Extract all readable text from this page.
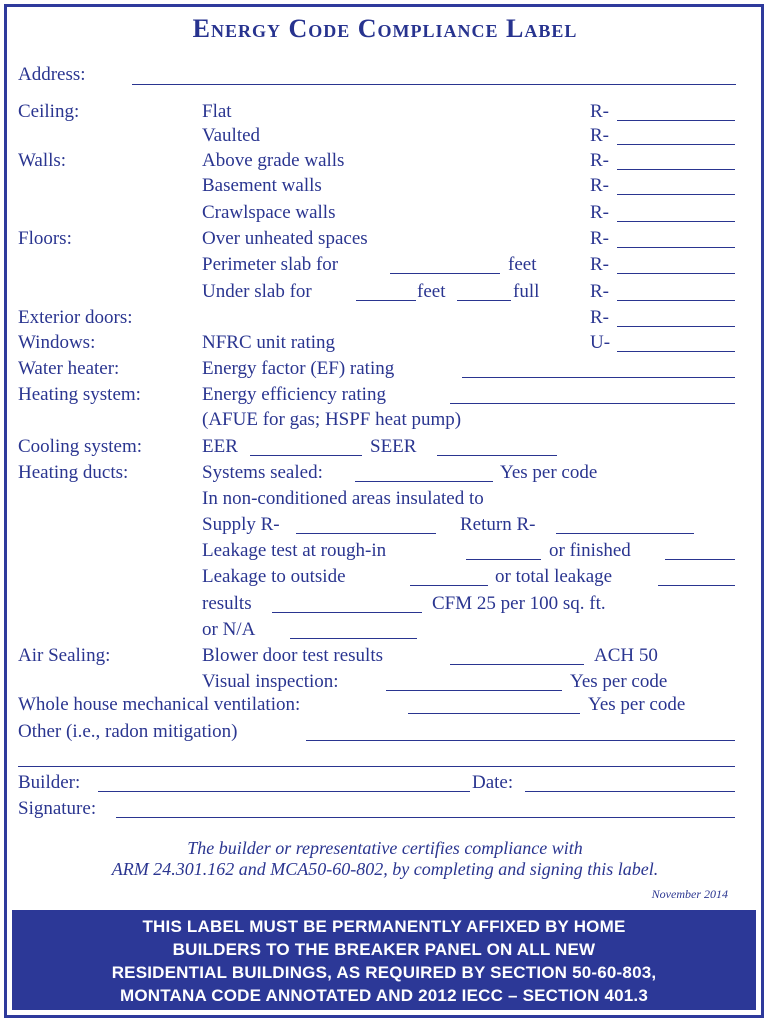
Energy Code Compliance Label
Address:
Ceiling:	Flat	R-
Vaulted	R-
Walls:	Above grade walls	R-
Basement walls	R-
Crawlspace walls	R-
Floors:	Over unheated spaces	R-
Perimeter slab for	feet	R-
Under slab for	feet	full	R-
Exterior doors:	R-
Windows:	NFRC unit rating	U-
Water heater:	Energy factor (EF) rating
Heating system:	Energy efficiency rating
(AFUE for gas; HSPF heat pump)
Cooling system:	EER	SEER
Heating ducts:	Systems sealed:	Yes per code
In non-conditioned areas insulated to
Supply R-	Return R-
Leakage test at rough-in	or finished
Leakage to outside	or total leakage
results	CFM 25 per 100 sq. ft.
or N/A
Air Sealing:	Blower door test results	ACH 50
Visual inspection:	Yes per code
Whole house mechanical ventilation:	Yes per code
Other (i.e., radon mitigation)
Builder:	Date:
Signature:
The builder or representative certifies compliance with
ARM 24.301.162 and MCA50-60-802, by completing and signing this label.
November 2014
THIS LABEL MUST BE PERMANENTLY AFFIXED BY HOME
BUILDERS TO THE BREAKER PANEL ON ALL NEW
RESIDENTIAL BUILDINGS, AS REQUIRED BY SECTION 50-60-803,
MONTANA CODE ANNOTATED AND 2012 IECC – SECTION 401.3
